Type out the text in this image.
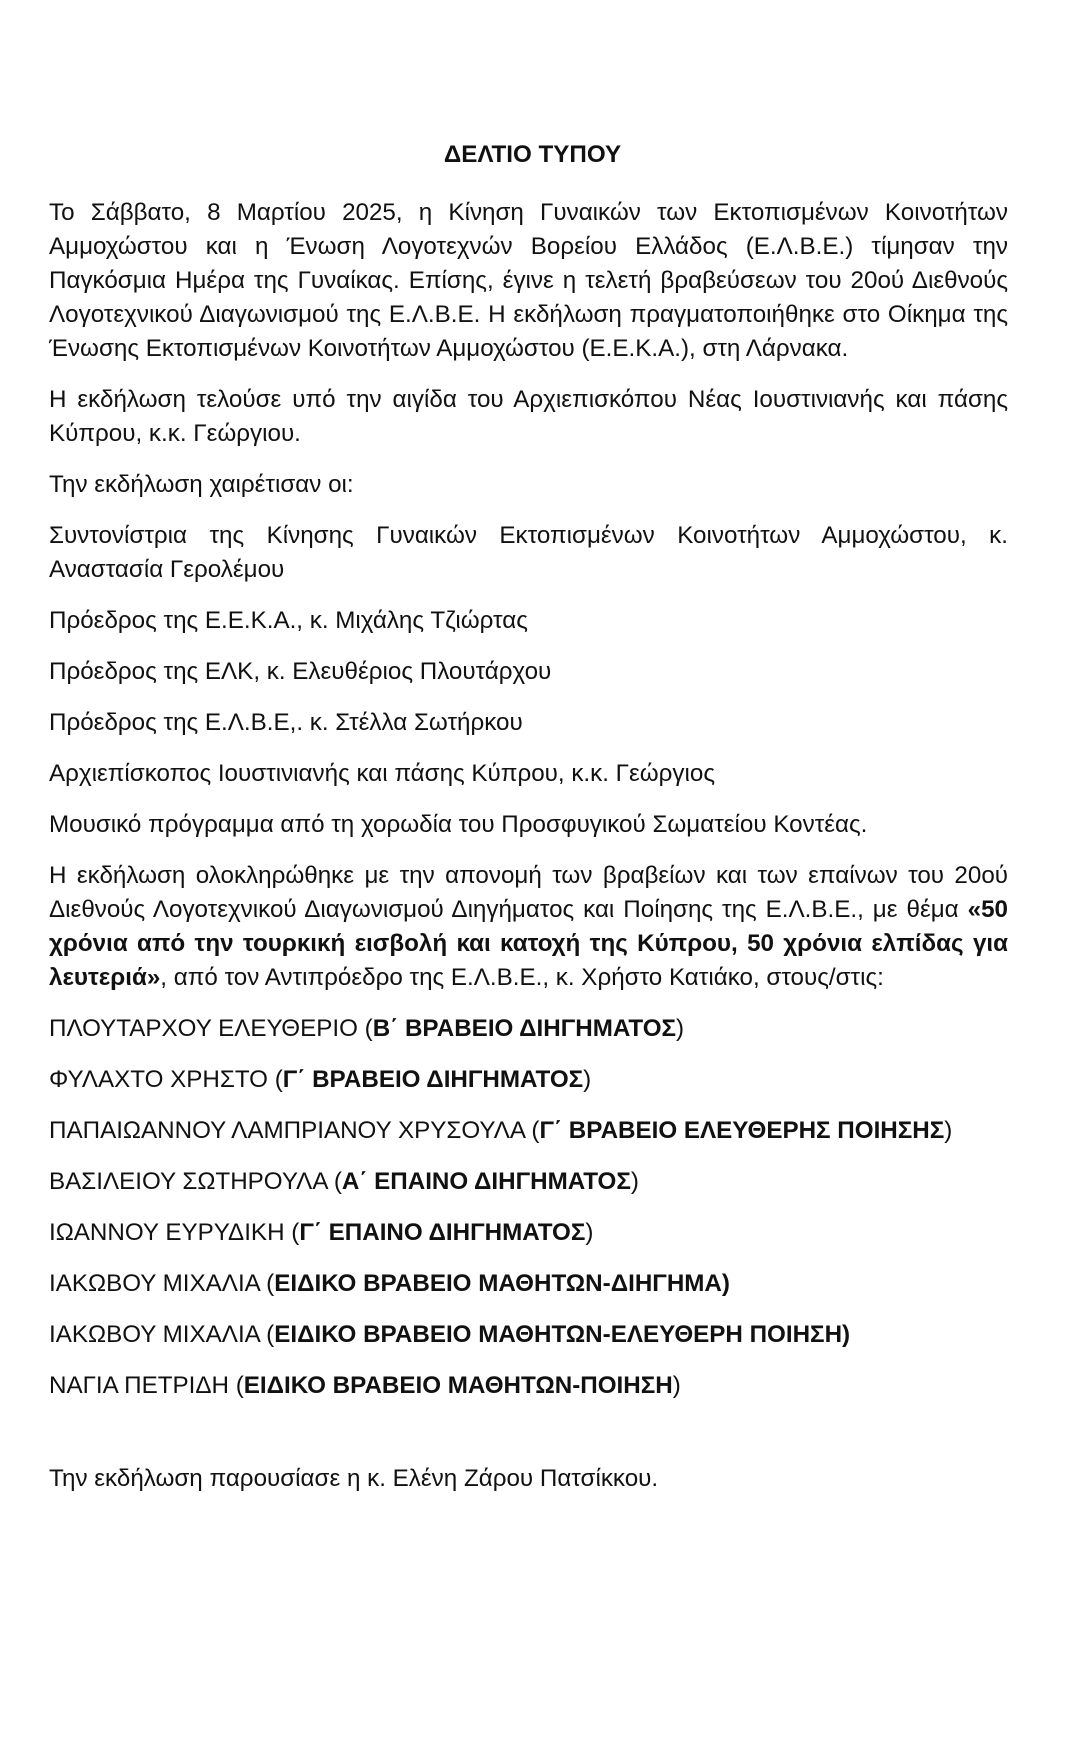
ΔΕΛΤΙΟ ΤΥΠΟΥ

Το Σάββατο, 8 Μαρτίου 2025, η Κίνηση Γυναικών των Εκτοπισμένων Κοινοτήτων Αμμοχώστου και η Ένωση Λογοτεχνών Βορείου Ελλάδος (Ε.Λ.Β.Ε.) τίμησαν την Παγκόσμια Ημέρα της Γυναίκας. Επίσης, έγινε η τελετή βραβεύσεων του 20ού Διεθνούς Λογοτεχνικού Διαγωνισμού της Ε.Λ.Β.Ε. Η εκδήλωση πραγματοποιήθηκε στο Οίκημα της Ένωσης Εκτοπισμένων Κοινοτήτων Αμμοχώστου (Ε.Ε.Κ.Α.), στη Λάρνακα.

Η εκδήλωση τελούσε υπό την αιγίδα του Αρχιεπισκόπου Νέας Ιουστινιανής και πάσης Κύπρου, κ.κ. Γεώργιου.

Την εκδήλωση χαιρέτισαν οι:

Συντονίστρια της Κίνησης Γυναικών Εκτοπισμένων Κοινοτήτων Αμμοχώστου, κ. Αναστασία Γερολέμου

Πρόεδρος της Ε.Ε.Κ.Α., κ. Μιχάλης Τζιώρτας

Πρόεδρος της ΕΛΚ, κ. Ελευθέριος Πλουτάρχου

Πρόεδρος της Ε.Λ.Β.Ε,. κ. Στέλλα Σωτήρκου

Αρχιεπίσκοπος Ιουστινιανής και πάσης Κύπρου, κ.κ. Γεώργιος

Μουσικό πρόγραμμα από τη χορωδία του Προσφυγικού Σωματείου Κοντέας.

Η εκδήλωση ολοκληρώθηκε με την απονομή των βραβείων και των επαίνων του 20ού Διεθνούς Λογοτεχνικού Διαγωνισμού Διηγήματος και Ποίησης της Ε.Λ.Β.Ε., με θέμα «50 χρόνια από την τουρκική εισβολή και κατοχή της Κύπρου, 50 χρόνια ελπίδας για λευτεριά», από τον Αντιπρόεδρο της Ε.Λ.Β.Ε., κ. Χρήστο Κατιάκο, στους/στις:

ΠΛΟΥΤΑΡΧΟΥ ΕΛΕΥΘΕΡΙΟ (Β΄ ΒΡΑΒΕΙΟ ΔΙΗΓΗΜΑΤΟΣ)

ΦΥΛΑΧΤΟ ΧΡΗΣΤΟ (Γ΄ ΒΡΑΒΕΙΟ ΔΙΗΓΗΜΑΤΟΣ)

ΠΑΠΑΙΩΑΝΝΟΥ ΛΑΜΠΡΙΑΝΟΥ ΧΡΥΣΟΥΛΑ (Γ΄ ΒΡΑΒΕΙΟ ΕΛΕΥΘΕΡΗΣ ΠΟΙΗΣΗΣ)

ΒΑΣΙΛΕΙΟΥ ΣΩΤΗΡΟΥΛΑ (Α΄ ΕΠΑΙΝΟ ΔΙΗΓΗΜΑΤΟΣ)

ΙΩΑΝΝΟΥ ΕΥΡΥΔΙΚΗ (Γ΄ ΕΠΑΙΝΟ ΔΙΗΓΗΜΑΤΟΣ)

ΙΑΚΩΒΟΥ ΜΙΧΑΛΙΑ (ΕΙΔΙΚΟ ΒΡΑΒΕΙΟ ΜΑΘΗΤΩΝ-ΔΙΗΓΗΜΑ)

ΙΑΚΩΒΟΥ ΜΙΧΑΛΙΑ (ΕΙΔΙΚΟ ΒΡΑΒΕΙΟ ΜΑΘΗΤΩΝ-ΕΛΕΥΘΕΡΗ ΠΟΙΗΣΗ)

ΝΑΓΙΑ ΠΕΤΡΙΔΗ (ΕΙΔΙΚΟ ΒΡΑΒΕΙΟ ΜΑΘΗΤΩΝ-ΠΟΙΗΣΗ)

Την εκδήλωση παρουσίασε η κ. Ελένη Ζάρου Πατσίκκου.
